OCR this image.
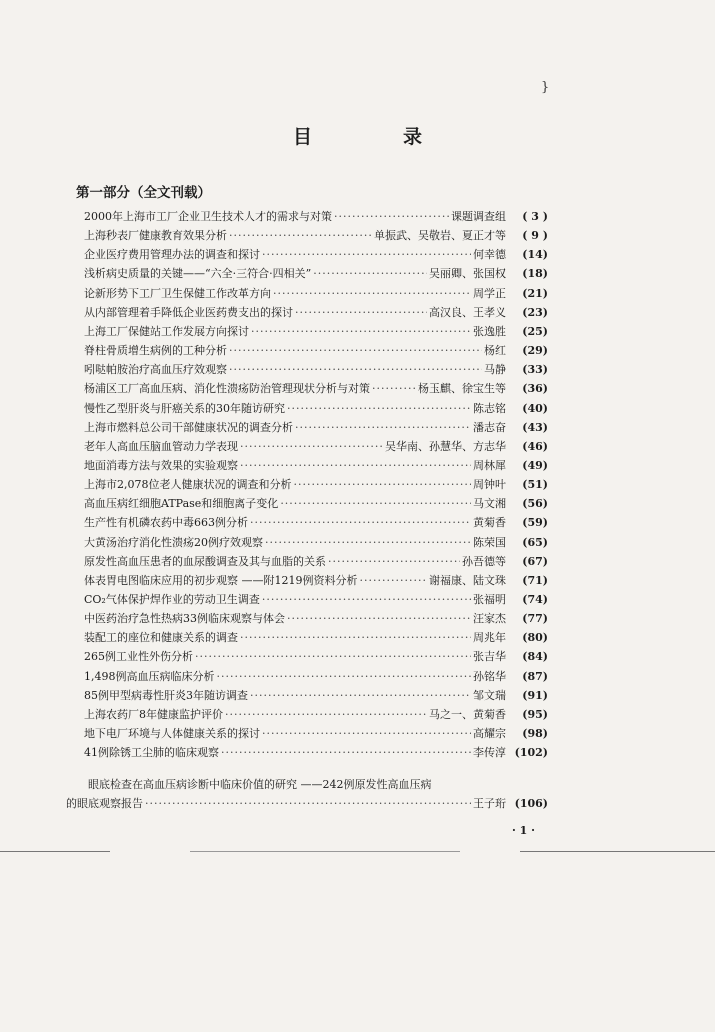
}
目　录
第一部分（全文刊载）
2000年上海市工厂企业卫生技术人才的需求与对策 ·····	课题调查组	( 3 )
上海秒表厂健康教育效果分析 ·····	单振武、吴敬岩、夏正才等	( 9 )
企业医疗费用管理办法的调查和探讨 ·····	何幸德	(14)
浅析病史质量的关键——“六全·三符合·四相关” ·····	吴丽卿、张国权	(18)
论新形势下工厂卫生保健工作改革方向 ·····	周学正	(21)
从内部管理着手降低企业医药费支出的探讨 ·····	高汉良、王孝义	(23)
上海工厂保健站工作发展方向探讨 ·····	张逸胜	(25)
脊柱骨质增生病例的工种分析 ·····	杨红	(29)
吲哒帕胺治疗高血压疗效观察 ·····	马静	(33)
杨浦区工厂高血压病、消化性溃疡防治管理现状分析与对策 ·····	杨玉麒、徐宝生等	(36)
慢性乙型肝炎与肝癌关系的30年随访研究 ·····	陈志铭	(40)
上海市燃料总公司干部健康状况的调查分析 ·····	潘志奋	(43)
老年人高血压脑血管动力学表现 ·····	吴华南、孙慧华、方志华	(46)
地面消毒方法与效果的实验观察 ·····	周林犀	(49)
上海市2,078位老人健康状况的调查和分析 ·····	周钟叶	(51)
高血压病红细胞ATPase和细胞离子变化 ·····	马文湘	(56)
生产性有机磷农药中毒663例分析 ·····	黄菊香	(59)
大黄汤治疗消化性溃疡20例疗效观察 ·····	陈荣国	(65)
原发性高血压患者的血尿酸调查及其与血脂的关系 ·····	孙吾德等	(67)
体表胃电图临床应用的初步观察 ——附1219例资料分析 ·····	谢福康、陆文珠	(71)
CO₂气体保护焊作业的劳动卫生调查 ·····	张福明	(74)
中医药治疗急性热病33例临床观察与体会 ·····	汪家杰	(77)
装配工的座位和健康关系的调查 ·····	周兆年	(80)
265例工业性外伤分析 ·····	张吉华	(84)
1,498例高血压病临床分析 ·····	孙铭华	(87)
85例甲型病毒性肝炎3年随访调查 ·····	邹文瑞	(91)
上海农药厂8年健康监护评价 ·····	马之一、黄菊香	(95)
地下电厂环境与人体健康关系的探讨 ·····	高耀宗	(98)
41例除锈工尘肺的临床观察 ·····	李传淳 (102)
眼底检查在高血压病诊断中临床价值的研究 ——242例原发性高血压病
的眼底观察报告 ·····	王子珩 (106)
· 1 ·
